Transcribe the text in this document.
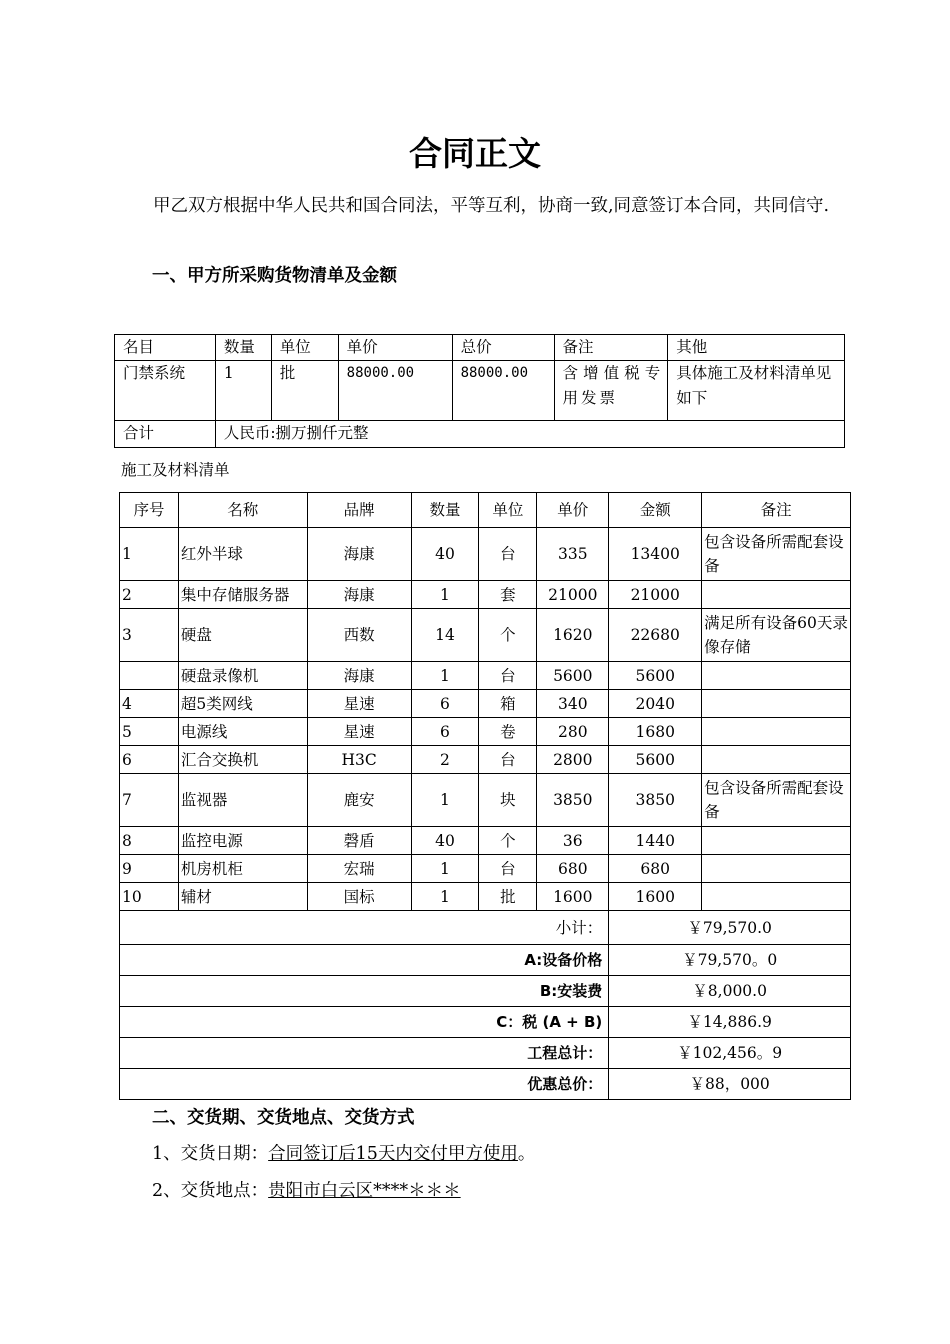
合同正文
甲乙双方根据中华人民共和国合同法，平等互利，协商一致,同意签订本合同，共同信守.
一、甲方所采购货物清单及金额
名目	数量	单位	单价	总价	备注	其他
门禁系统	1	批	88000.00	88000.00	含增值税专用发票	具体施工及材料清单见如下
合计	人民币:捌万捌仟元整					
施工及材料清单
序号	名称	品牌	数量	单位	单价	金额	备注
1	红外半球	海康	40	台	335	13400	包含设备所需配套设备
2	集中存储服务器	海康	1	套	21000	21000	
3	硬盘	西数	14	个	1620	22680	满足所有设备60天录像存储
	硬盘录像机	海康	1	台	5600	5600	
4	超5类网线	星速	6	箱	340	2040	
5	电源线	星速	6	卷	280	1680	
6	汇合交换机	H3C	2	台	2800	5600	
7	监视器	鹿安	1	块	3850	3850	包含设备所需配套设备
8	监控电源	磬盾	40	个	36	1440	
9	机房机柜	宏瑞	1	台	680	680	
10	辅材	国标	1	批	1600	1600	
小计：						￥79,570.0	
A:设备价格						￥79,570。0	
B:安装费						￥8,000.0	
C：税 (A + B)						￥14,886.9	
工程总计：						￥102,456。9	
优惠总价：						￥88，000	
二、交货期、交货地点、交货方式
1、交货日期：合同签订后15天内交付甲方使用。
2、交货地点：贵阳市白云区****＊＊＊
